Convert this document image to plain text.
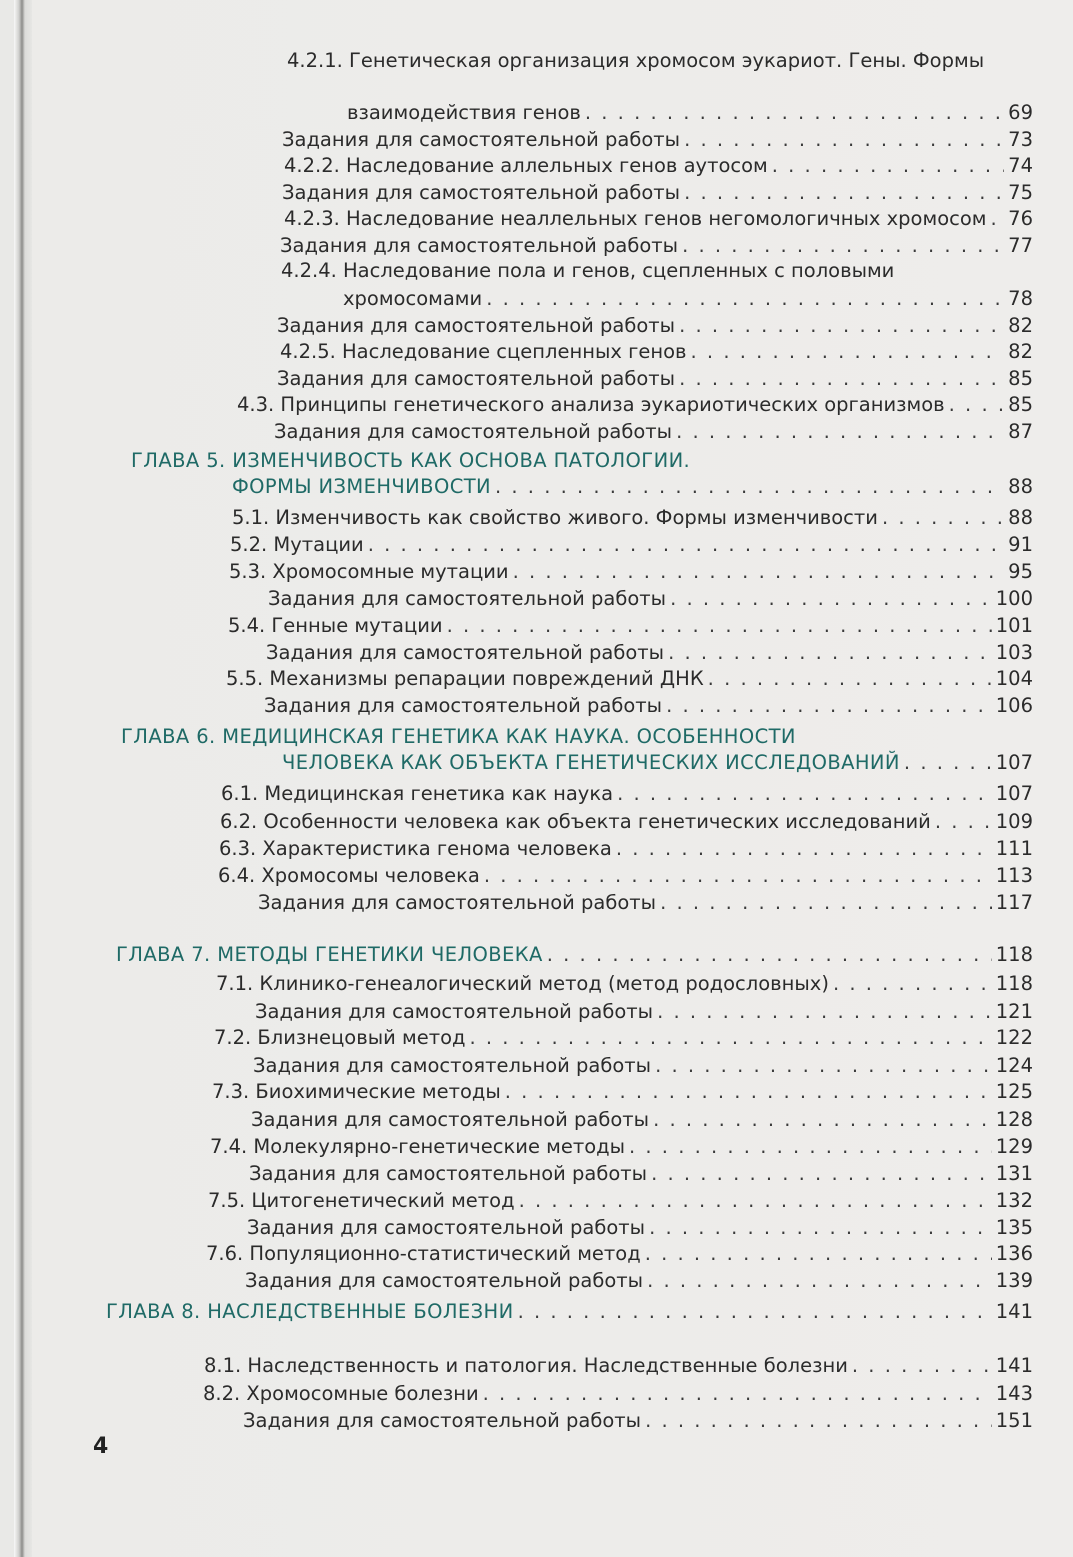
4.2.1. Генетическая организация хромосом эукариот. Гены. Формы
взаимодействия генов . . .	69
Задания для самостоятельной работы . . .	73
4.2.2. Наследование аллельных генов аутосом . . .	74
Задания для самостоятельной работы . . .	75
4.2.3. Наследование неаллельных генов негомологичных хромосом . . . 76
Задания для самостоятельной работы . . .	77
4.2.4. Наследование пола и генов, сцепленных с половыми
хромосомами . . .	78
Задания для самостоятельной работы . . .	82
4.2.5. Наследование сцепленных генов . . .	82
Задания для самостоятельной работы . . .	85
4.3. Принципы генетического анализа эукариотических организмов . . .	85
Задания для самостоятельной работы . . .	87
ГЛАВА 5. ИЗМЕНЧИВОСТЬ КАК ОСНОВА ПАТОЛОГИИ.
ФОРМЫ ИЗМЕНЧИВОСТИ . . .	88
5.1. Изменчивость как свойство живого. Формы изменчивости . . .	88
5.2. Мутации . . .	91
5.3. Хромосомные мутации . . .	95
Задания для самостоятельной работы . . .	100
5.4. Генные мутации . . .	101
Задания для самостоятельной работы . . .	103
5.5. Механизмы репарации повреждений ДНК . . .	104
Задания для самостоятельной работы . . .	106
ГЛАВА 6. МЕДИЦИНСКАЯ ГЕНЕТИКА КАК НАУКА. ОСОБЕННОСТИ
ЧЕЛОВЕКА КАК ОБЪЕКТА ГЕНЕТИЧЕСКИХ ИССЛЕДОВАНИЙ . . .	107
6.1. Медицинская генетика как наука . . .	107
6.2. Особенности человека как объекта генетических исследований . . .	109
6.3. Характеристика генома человека . . .	111
6.4. Хромосомы человека . . .	113
Задания для самостоятельной работы . . .	117
ГЛАВА 7. МЕТОДЫ ГЕНЕТИКИ ЧЕЛОВЕКА . . .	118
7.1. Клинико-генеалогический метод (метод родословных) . . .	118
Задания для самостоятельной работы . . .	121
7.2. Близнецовый метод . . .	122
Задания для самостоятельной работы . . .	124
7.3. Биохимические методы . . .	125
Задания для самостоятельной работы . . .	128
7.4. Молекулярно-генетические методы . . .	129
Задания для самостоятельной работы . . .	131
7.5. Цитогенетический метод . . .	132
Задания для самостоятельной работы . . .	135
7.6. Популяционно-статистический метод . . .	136
Задания для самостоятельной работы . . .	139
ГЛАВА 8. НАСЛЕДСТВЕННЫЕ БОЛЕЗНИ . . .	141
8.1. Наследственность и патология. Наследственные болезни . . .	141
8.2. Хромосомные болезни . . .	143
Задания для самостоятельной работы . . .	151
4
